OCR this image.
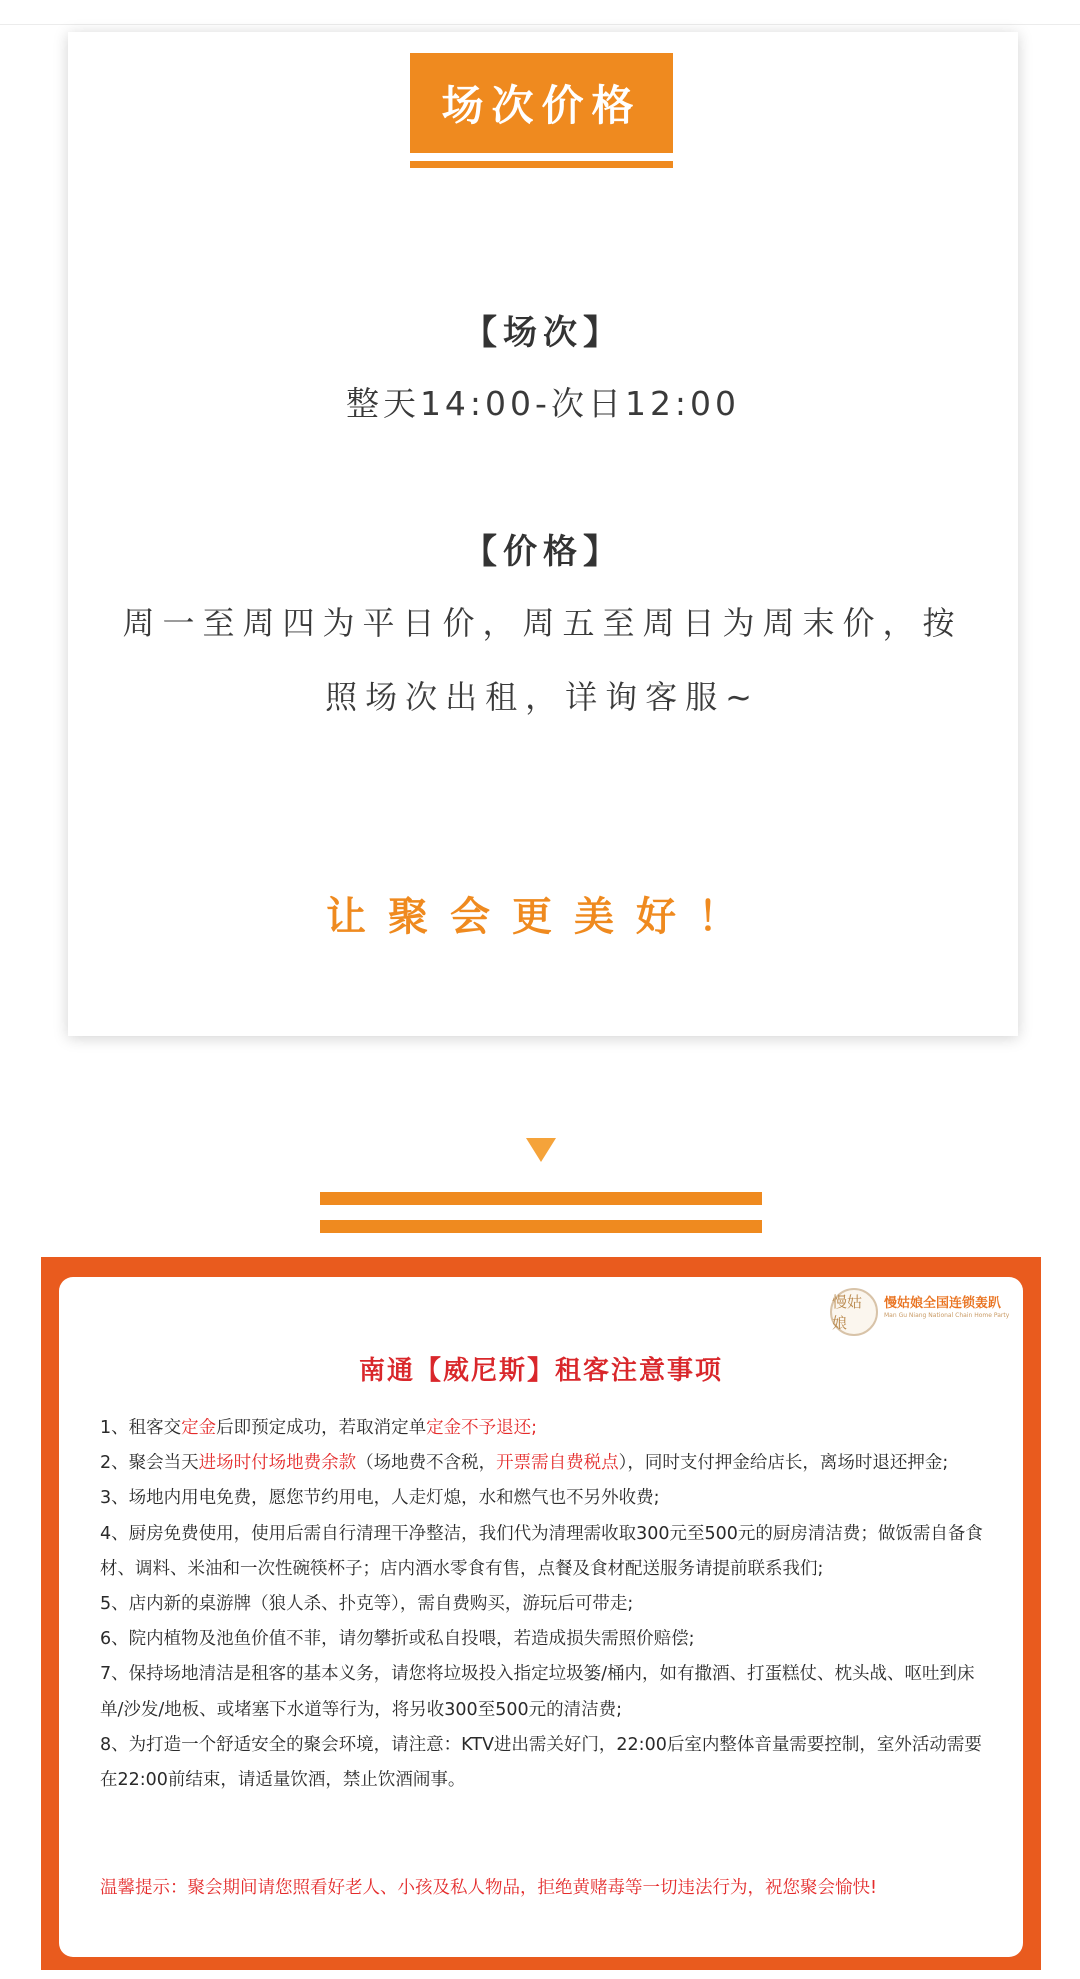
场次价格
【场次】
整天14:00-次日12:00
【价格】
周一至周四为平日价，周五至周日为周末价，按
照场次出租，详询客服~
让聚会更美好！
慢姑娘
慢姑娘全国连锁轰趴
Man Gu Niang National Chain Home Party
南通【威尼斯】租客注意事项

1、租客交定金后即预定成功，若取消定单定金不予退还;

2、聚会当天进场时付场地费余款（场地费不含税，开票需自费税点），同时支付押金给店长，离场时退还押金;

3、场地内用电免费，愿您节约用电，人走灯熄，水和燃气也不另外收费;

4、厨房免费使用，使用后需自行清理干净整洁，我们代为清理需收取300元至500元的厨房清洁费；做饭需自备食材、调料、米油和一次性碗筷杯子；店内酒水零食有售，点餐及食材配送服务请提前联系我们;

5、店内新的桌游牌（狼人杀、扑克等），需自费购买，游玩后可带走;

6、院内植物及池鱼价值不菲，请勿攀折或私自投喂，若造成损失需照价赔偿;

7、保持场地清洁是租客的基本义务，请您将垃圾投入指定垃圾篓/桶内，如有撒酒、打蛋糕仗、枕头战、呕吐到床单/沙发/地板、或堵塞下水道等行为，将另收300至500元的清洁费;

8、为打造一个舒适安全的聚会环境，请注意：KTV进出需关好门，22:00后室内整体音量需要控制，室外活动需要在22:00前结束，请适量饮酒，禁止饮酒闹事。

温馨提示：聚会期间请您照看好老人、小孩及私人物品，拒绝黄赌毒等一切违法行为，祝您聚会愉快!
